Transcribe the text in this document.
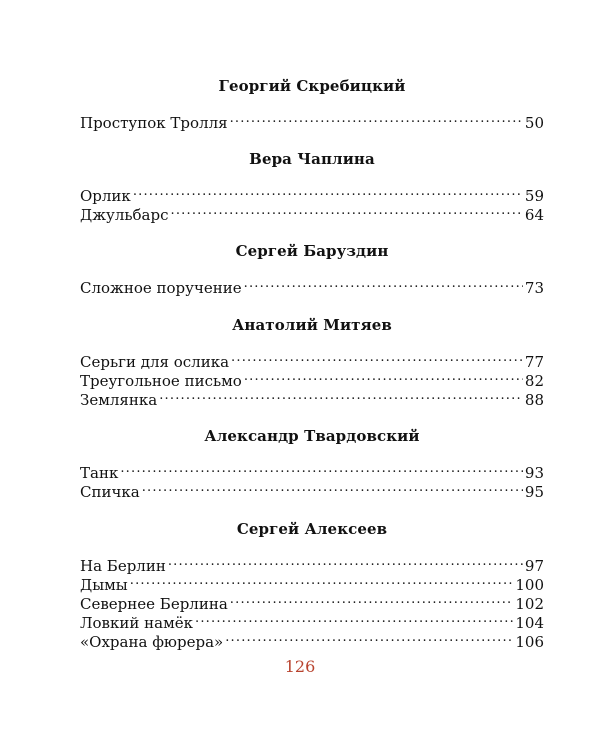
Георгий Скребицкий
Проступок Тролля .....	50
Вера Чаплина
Орлик .....	59
Джульбарс .....	64
Сергей Баруздин
Сложное поручение .....	73
Анатолий Митяев
Серьги для ослика .....	77
Треугольное письмо .....	82
Землянка .....	88
Александр Твардовский
Танк .....	93
Спичка .....	95
Сергей Алексеев
На Берлин .....	97
Дымы .....	100
Севернее Берлина .....	102
Ловкий намёк .....	104
«Охрана фюрера» .....	106
126
